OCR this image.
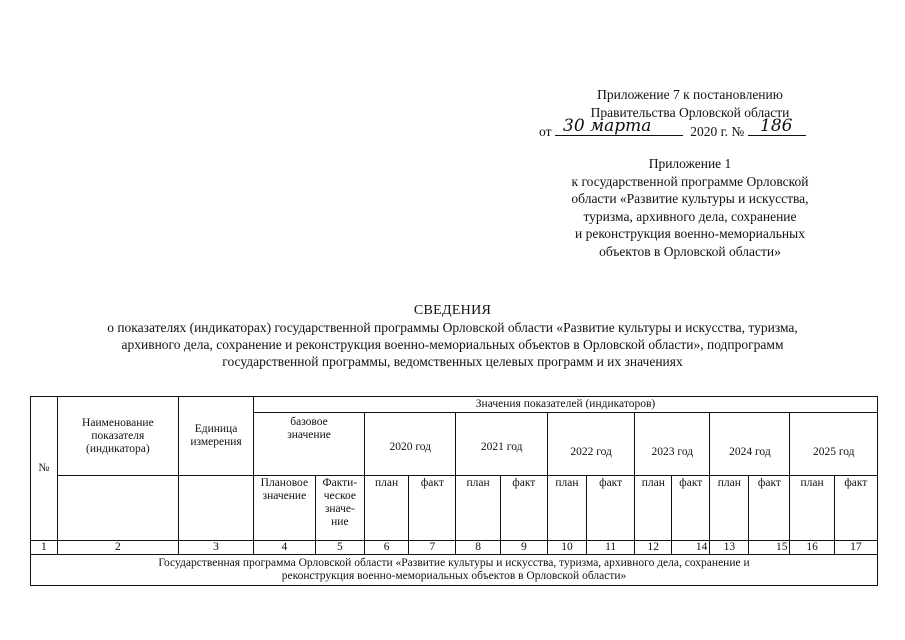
Приложение 7 к постановлению
Правительства Орловской области
от 30 марта	2020 г. № 186
Приложение 1
к государственной программе Орловской
области «Развитие культуры и искусства,
туризма, архивного дела, сохранение
и реконструкция военно-мемориальных
объектов в Орловской области»
СВЕДЕНИЯ
о показателях (индикаторах) государственной программы Орловской области «Развитие культуры и искусства, туризма,
архивного дела, сохранение и реконструкция военно-мемориальных объектов в Орловской области», подпрограмм
государственной программы, ведомственных целевых программ и их значениях
№	Наименование показателя (индикатора)	Единица измерения	Значения показателей (индикаторов)													
			базовое значение		2020 год		2021 год		2022 год		2023 год		2024 год		2025 год	
			Плановое значение	Факти-ческое значе-ние	план	факт	план	факт	план	факт	план	факт	план	факт	план	факт
1	2	3	4	5	6	7	8	9	10	11	12	14	13	15	16	17
Государственная программа Орловской области «Развитие культуры и искусства, туризма, архивного дела, сохранение и реконструкция военно-мемориальных объектов в Орловской области»																
